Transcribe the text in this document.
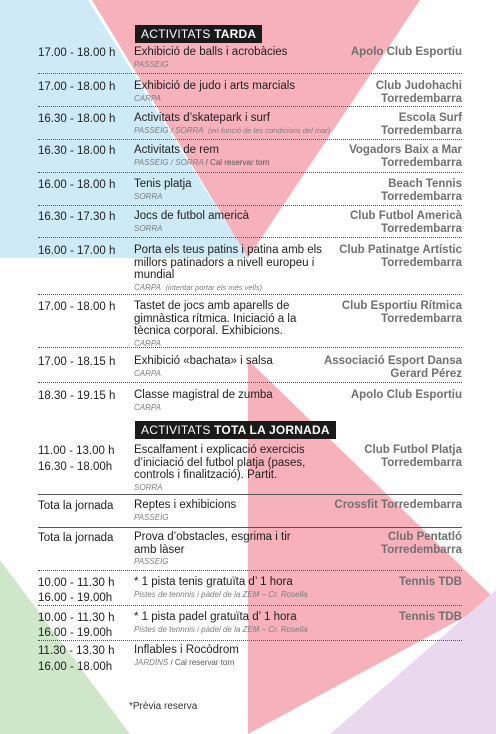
ACTIVITATS TARDA
17.00 - 18.00 h Exhibició de balls i acrobàcies
PASSEIG
Apolo Club Esportiu
17.00 - 18.00 h Exhibició de judo i arts marcials
CARPA
Club Judohachi Torredembarra
16.30 - 18.00 h Activitats d’skatepark i surf
PASSEIG / SORRA (en funció de les condicions del mar)
Escola Surf Torredembarra
16.30 - 18.00 h Activitats de rem
PASSEIG / SORRA / Cal reservar torn
Vogadors Baix a Mar Torredembarra
16.00 - 18.00 h Tenis platja
SORRA
Beach Tennis Torredembarra
16.30 - 17.30 h Jocs de futbol americà
SORRA
Club Futbol Americà Torredembarra
16.00 - 17.00 h Porta els teus patins i patina amb els millors patinadors a nivell europeu i mundial
CARPA (intentar portar els més vells)
Club Patinatge Artístic Torredembarra
17.00 - 18.00 h Tastet de jocs amb aparells de gimnàstica rítmica. Iniciació a la tècnica corporal. Exhibicions.
CARPA
Club Esportiu Rítmica Torredembarra
17.00 - 18.15 h Exhibició «bachata» i salsa
CARPA
Associació Esport Dansa Gerard Pérez
18.30 - 19.15 h Classe magistral de zumba
CARPA
Apolo Club Esportiu
ACTIVITATS TOTA LA JORNADA
11.00 - 13.00 h
16.30 - 18.00h
Escalfament i explicació exercicis d’iniciació del futbol platja (pases, controls i finalització). Partit.
SORRA
Club Futbol Platja Torredembarra
Tota la jornada Reptes i exhibicions
PASSEIG
Crossfit Torredembarra
Tota la jornada Prova d’obstacles, esgrima i tir amb làser
PASSEIG
Club Pentatló Torredembarra
10.00 - 11.30 h
16.00 - 19.00h
* 1 pista tenis gratuïta d’ 1 hora
Pistes de tennnis i pàdel de la ZEM – Cr. Rosella
Tennis TDB
10.00 - 11.30 h
16.00 - 19.00h
* 1 pista padel gratuïta d’ 1 hora
Pistes de tennnis i pàdel de la ZEM – Cr. Rosella
Tennis TDB
11.30 - 13.30 h
16.00 - 18.00h
Inflables i Rocòdrom
JARDINS / Cal reservar torn
*Prèvia reserva
